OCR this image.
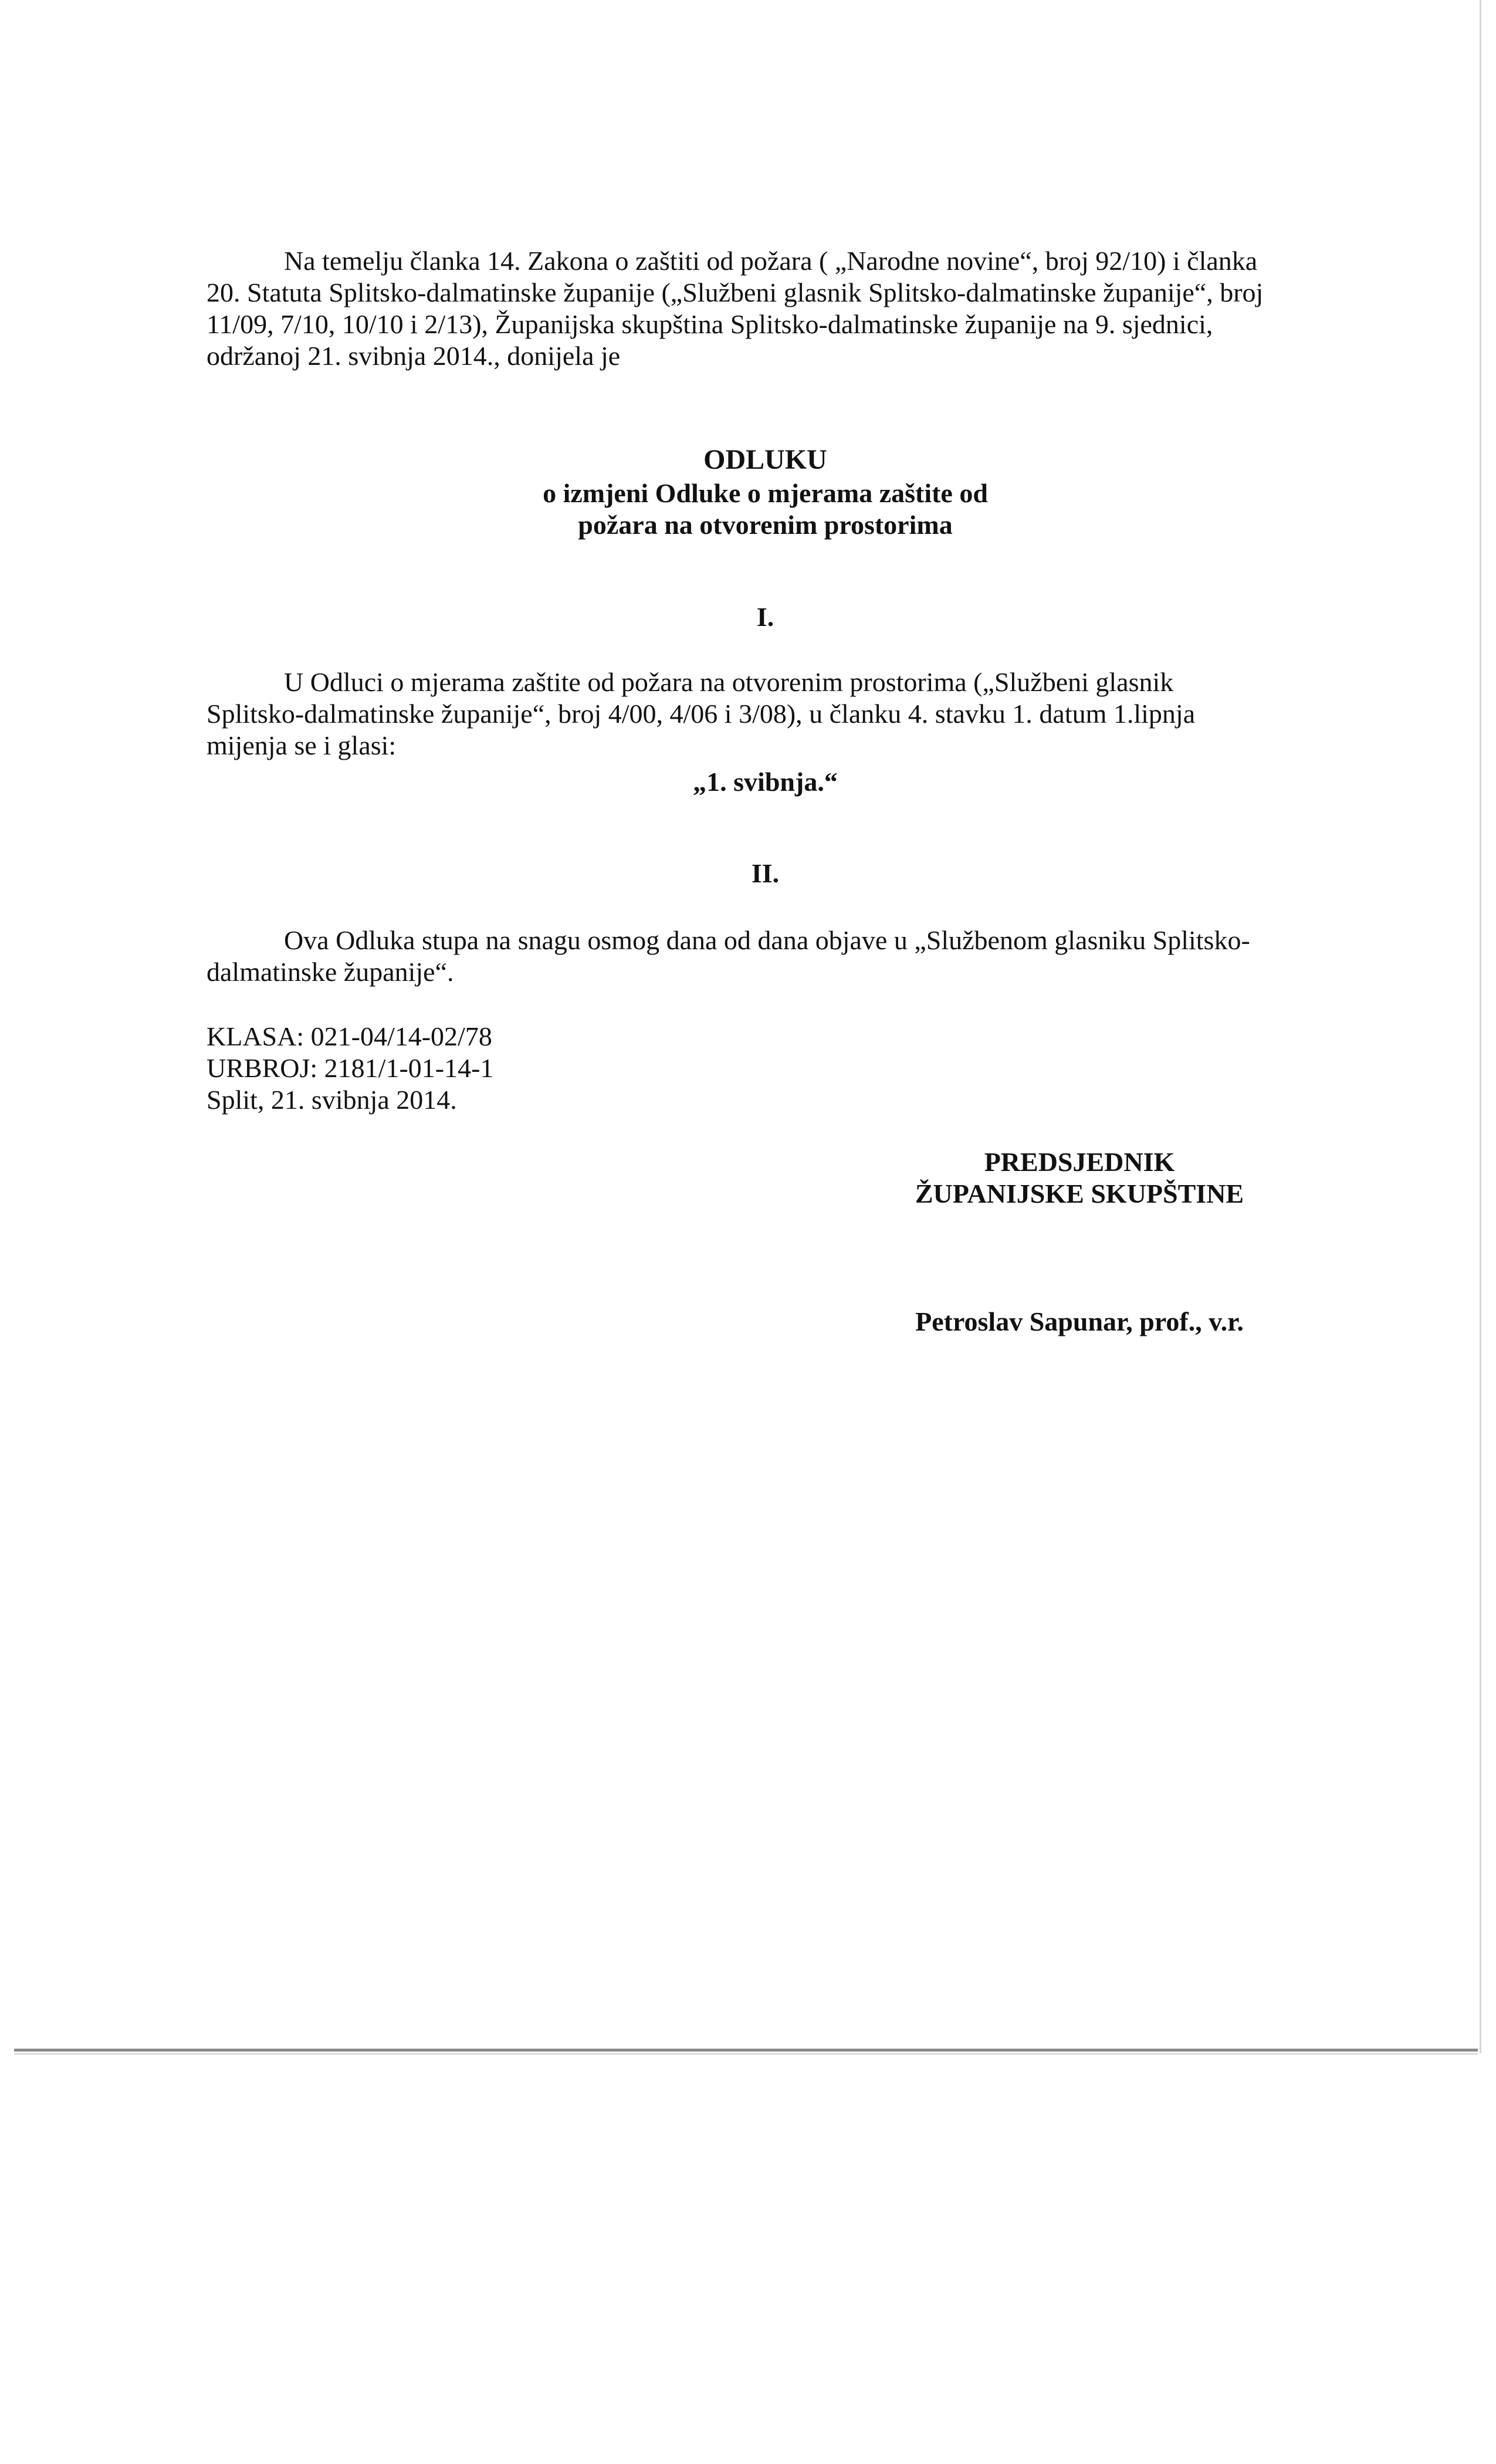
Na temelju članka 14. Zakona o zaštiti od požara ( „Narodne novine“, broj 92/10) i članka
20. Statuta Splitsko-dalmatinske županije („Službeni glasnik Splitsko-dalmatinske županije“, broj
11/09, 7/10, 10/10 i 2/13), Županijska skupština Splitsko-dalmatinske županije na 9. sjednici,
održanoj 21. svibnja 2014., donijela je
ODLUKU
o izmjeni Odluke o mjerama zaštite od
požara na otvorenim prostorima
I.
U Odluci o mjerama zaštite od požara na otvorenim prostorima („Službeni glasnik
Splitsko-dalmatinske županije“, broj 4/00, 4/06 i 3/08), u članku 4. stavku 1. datum 1.lipnja
mijenja se i glasi:
„1. svibnja.“
II.
Ova Odluka stupa na snagu osmog dana od dana objave u „Službenom glasniku Splitsko-
dalmatinske županije“.
KLASA: 021-04/14-02/78
URBROJ: 2181/1-01-14-1
Split, 21. svibnja 2014.
PREDSJEDNIK
ŽUPANIJSKE SKUPŠTINE
Petroslav Sapunar, prof., v.r.
